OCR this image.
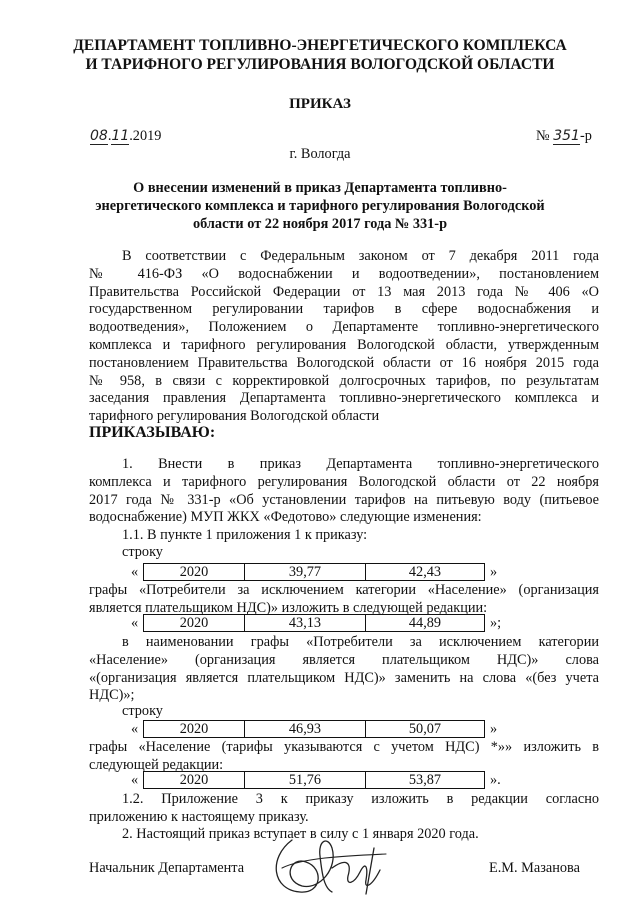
ДЕПАРТАМЕНТ ТОПЛИВНО-ЭНЕРГЕТИЧЕСКОГО КОМПЛЕКСА
И ТАРИФНОГО РЕГУЛИРОВАНИЯ ВОЛОГОДСКОЙ ОБЛАСТИ
ПРИКАЗ
08.11.2019	№ 351-р
г. Вологда
О внесении изменений в приказ Департамента топливно-
энергетического комплекса и тарифного регулирования Вологодской
области от 22 ноября 2017 года № 331-р
В соответствии с Федеральным законом от 7 декабря 2011 года
№ 416-ФЗ «О водоснабжении и водоотведении», постановлением
Правительства Российской Федерации от 13 мая 2013 года № 406 «О
государственном регулировании тарифов в сфере водоснабжения и
водоотведения», Положением о Департаменте топливно-энергетического
комплекса и тарифного регулирования Вологодской области, утвержденным
постановлением Правительства Вологодской области от 16 ноября 2015 года
№ 958, в связи с корректировкой долгосрочных тарифов, по результатам
заседания правления Департамента топливно-энергетического комплекса и
тарифного регулирования Вологодской области
ПРИКАЗЫВАЮ:
1. Внести в приказ Департамента топливно-энергетического
комплекса и тарифного регулирования Вологодской области от 22 ноября
2017 года № 331-р «Об установлении тарифов на питьевую воду (питьевое
водоснабжение) МУП ЖКХ «Федотово» следующие изменения:
1.1. В пункте 1 приложения 1 к приказу:
строку
«	2020	39,77	42,43	»
графы «Потребители за исключением категории «Население» (организация
является плательщиком НДС)» изложить в следующей редакции:
«	2020	43,13	44,89	»;
в наименовании графы «Потребители за исключением категории
«Население» (организация является плательщиком НДС)» слова
«(организация является плательщиком НДС)» заменить на слова «(без учета
НДС)»;
строку
«	2020	46,93	50,07	»
графы «Население (тарифы указываются с учетом НДС) *»» изложить в
следующей редакции:
«	2020	51,76	53,87	».
1.2. Приложение 3 к приказу изложить в редакции согласно
приложению к настоящему приказу.
2. Настоящий приказ вступает в силу с 1 января 2020 года.
Начальник Департамента	Е.М. Мазанова
